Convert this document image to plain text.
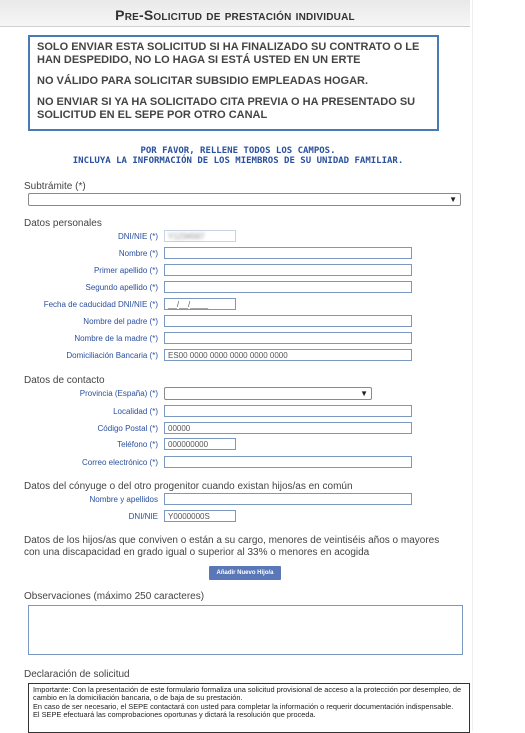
Pre-Solicitud de prestación individual

SOLO ENVIAR ESTA SOLICITUD SI HA FINALIZADO SU CONTRATO O LE HAN DESPEDIDO, NO LO HAGA SI ESTÁ USTED EN UN ERTE

NO VÁLIDO PARA SOLICITAR SUBSIDIO EMPLEADAS HOGAR.

NO ENVIAR SI YA HA SOLICITADO CITA PREVIA O HA PRESENTADO SU SOLICITUD EN EL SEPE POR OTRO CANAL

POR FAVOR, RELLENE TODOS LOS CAMPOS.
INCLUYA LA INFORMACIÓN DE LOS MIEMBROS DE SU UNIDAD FAMILIAR.
Subtrámite (*)
▼
Datos personales
DNI/NIE (*)	Y1234567
Nombre (*)
Primer apellido (*)
Segundo apellido (*)
Fecha de caducidad DNI/NIE (*)	__/__/____
Nombre del padre (*)
Nombre de la madre (*)
Domiciliación Bancaria (*)	ES00 0000 0000 0000 0000 0000
Datos de contacto
Provincia (España) (*)	▼
Localidad (*)
Código Postal (*)	00000
Teléfono (*)	000000000
Correo electrónico (*)
Datos del cónyuge o del otro progenitor cuando existan hijos/as en común
Nombre y apellidos
DNI/NIE	Y0000000S
Datos de los hijos/as que conviven o están a su cargo, menores de veintiséis años o mayores
con una discapacidad en grado igual o superior al 33% o menores en acogida
Añadir Nuevo Hijo/a
Observaciones (máximo 250 caracteres)
Declaración de solicitud

Importante: Con la presentación de este formulario formaliza una solicitud provisional de acceso a la protección por desempleo, de cambio en la domiciliación bancaria, o de baja de su prestación.

En caso de ser necesario, el SEPE contactará con usted para completar la información o requerir documentación indispensable.

El SEPE efectuará las comprobaciones oportunas y dictará la resolución que proceda.
